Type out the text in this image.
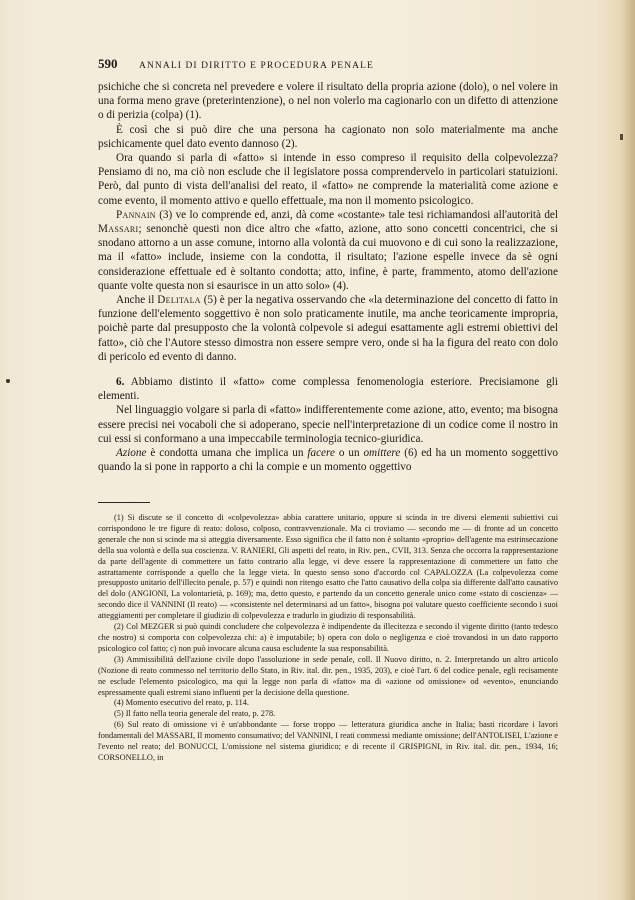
590 ANNALI DI DIRITTO E PROCEDURA PENALE

psichiche che si concreta nel prevedere e volere il risultato della propria azione (dolo), o nel volere in una forma meno grave (preterintenzione), o nel non volerlo ma cagionarlo con un difetto di attenzione o di perizia (colpa) (1).

È così che si può dire che una persona ha cagionato non solo materialmente ma anche psichicamente quel dato evento dannoso (2).

Ora quando si parla di «fatto» si intende in esso compreso il requisito della colpevolezza? Pensiamo di no, ma ciò non esclude che il legislatore possa comprendervelo in particolari statuizioni. Però, dal punto di vista dell'analisi del reato, il «fatto» ne comprende la materialità come azione e come evento, il momento attivo e quello effettuale, ma non il momento psicologico.

Pannain (3) ve lo comprende ed, anzi, dà come «costante» tale tesi richiamandosi all'autorità del Massari; senonchè questi non dice altro che «fatto, azione, atto sono concetti concentrici, che si snodano attorno a un asse comune, intorno alla volontà da cui muovono e di cui sono la realizzazione, ma il «fatto» include, insieme con la condotta, il risultato; l'azione espelle invece da sè ogni considerazione effettuale ed è soltanto condotta; atto, infine, è parte, frammento, atomo dell'azione quante volte questa non si esaurisce in un atto solo» (4).

Anche il Delitala (5) è per la negativa osservando che «la determinazione del concetto di fatto in funzione dell'elemento soggettivo è non solo praticamente inutile, ma anche teoricamente impropria, poichè parte dal presupposto che la volontà colpevole si adegui esattamente agli estremi obiettivi del fatto», ciò che l'Autore stesso dimostra non essere sempre vero, onde si ha la figura del reato con dolo di pericolo ed evento di danno.

6. Abbiamo distinto il «fatto» come complessa fenomenologia esteriore. Precisiamone gli elementi.

Nel linguaggio volgare si parla di «fatto» indifferentemente come azione, atto, evento; ma bisogna essere precisi nei vocaboli che si adoperano, specie nell'interpretazione di un codice come il nostro in cui essi si conformano a una impeccabile terminologia tecnico-giuridica.

Azione è condotta umana che implica un facere o un omittere (6) ed ha un momento soggettivo quando la si pone in rapporto a chi la compie e un momento oggettivo

(1) Si discute se il concetto di «colpevolezza» abbia carattere unitario, oppure si scinda in tre diversi elementi subiettivi cui corrispondono le tre figure di reato: doloso, colposo, contravvenzionale. Ma ci troviamo — secondo me — di fronte ad un concetto generale che non si scinde ma si atteggia diversamente. Esso significa che il fatto non è soltanto «proprio» dell'agente ma estrinsecazione della sua volontà e della sua coscienza. V. RANIERI, Gli aspetti del reato, in Riv. pen., CVII, 313. Senza che occorra la rappresentazione da parte dell'agente di commettere un fatto contrario alla legge, vi deve essere la rappresentazione di commettere un fatto che astrattamente corrisponde a quello che la legge vieta. In questo senso sono d'accordo col CAPALOZZA (La colpevolezza come presupposto unitario dell'illecito penale, p. 57) e quindi non ritengo esatto che l'atto causativo della colpa sia differente dall'atto causativo del dolo (ANGIONI, La volontarietà, p. 169); ma, detto questo, e partendo da un concetto generale unico come «stato di coscienza» — secondo dice il VANNINI (Il reato) — «consistente nel determinarsi ad un fatto», bisogna poi valutare questo coefficiente secondo i suoi atteggiamenti per completare il giudizio di colpevolezza e tradurlo in giudizio di responsabilità.

(2) Col MEZGER si può quindi concludere che colpevolezza è indipendente da illecitezza e secondo il vigente diritto (tanto tedesco che nostro) si comporta con colpevolezza chi: a) è imputabile; b) opera con dolo o negligenza e cioè trovandosi in un dato rapporto psicologico col fatto; c) non può invocare alcuna causa escludente la sua responsabilità.

(3) Ammissibilità dell'azione civile dopo l'assoluzione in sede penale, coll. Il Nuovo diritto, n. 2. Interpretando un altro articolo (Nozione di reato commesso nel territorio dello Stato, in Riv. ital. dir. pen., 1935, 203), e cioè l'art. 6 del codice penale, egli recisamente ne esclude l'elemento psicologico, ma qui la legge non parla di «fatto» ma di «azione od omissione» od «evento», enunciando espressamente quali estremi siano influenti per la decisione della questione.

(4) Momento esecutivo del reato, p. 114.

(5) Il fatto nella teoria generale del reato, p. 278.

(6) Sul reato di omissione vi è un'abbondante — forse troppo — letteratura giuridica anche in Italia; basti ricordare i lavori fondamentali del MASSARI, Il momento consumativo; del VANNINI, I reati commessi mediante omissione; dell'ANTOLISEI, L'azione e l'evento nel reato; del BONUCCI, L'omissione nel sistema giuridico; e di recente il GRISPIGNI, in Riv. ital. dir. pen., 1934, 16; CORSONELLO, in
